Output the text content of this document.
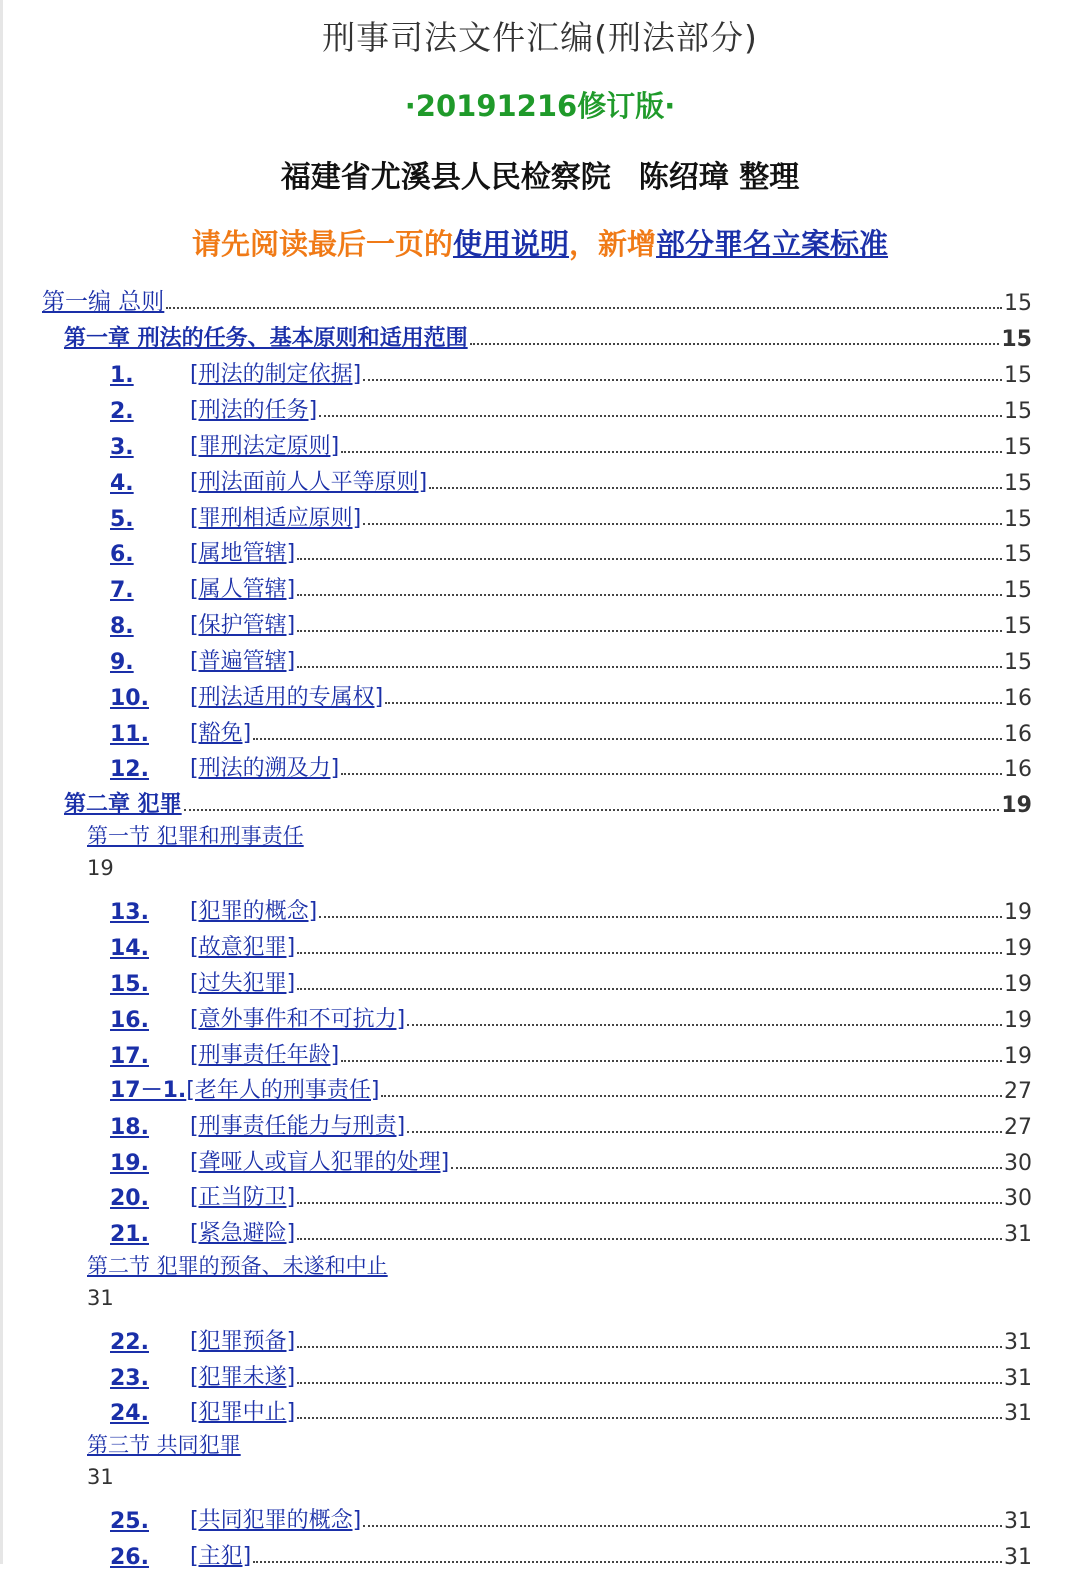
刑事司法文件汇编(刑法部分)
·20191216修订版·
福建省尤溪县人民检察院 陈绍璋 整理
请先阅读最后一页的使用说明，新增部分罪名立案标准
第一编 总则	15
第一章 刑法的任务、基本原则和适用范围	15
1.	[刑法的制定依据]	15
2.	[刑法的任务]	15
3.	[罪刑法定原则]	15
4.	[刑法面前人人平等原则]	15
5.	[罪刑相适应原则]	15
6.	[属地管辖]	15
7.	[属人管辖]	15
8.	[保护管辖]	15
9.	[普遍管辖]	15
10.	[刑法适用的专属权]	16
11.	[豁免]	16
12.	[刑法的溯及力]	16
第二章 犯罪	19
第一节 犯罪和刑事责任
19
13.	[犯罪的概念]	19
14.	[故意犯罪]	19
15.	[过失犯罪]	19
16.	[意外事件和不可抗力]	19
17.	[刑事责任年龄]	19
17－1. [老年人的刑事责任]	27
18.	[刑事责任能力与刑责]	27
19.	[聋哑人或盲人犯罪的处理]	30
20.	[正当防卫]	30
21.	[紧急避险]	31
第二节 犯罪的预备、未遂和中止
31
22.	[犯罪预备]	31
23.	[犯罪未遂]	31
24.	[犯罪中止]	31
第三节 共同犯罪
31
25.	[共同犯罪的概念]	31
26.	[主犯]	31
